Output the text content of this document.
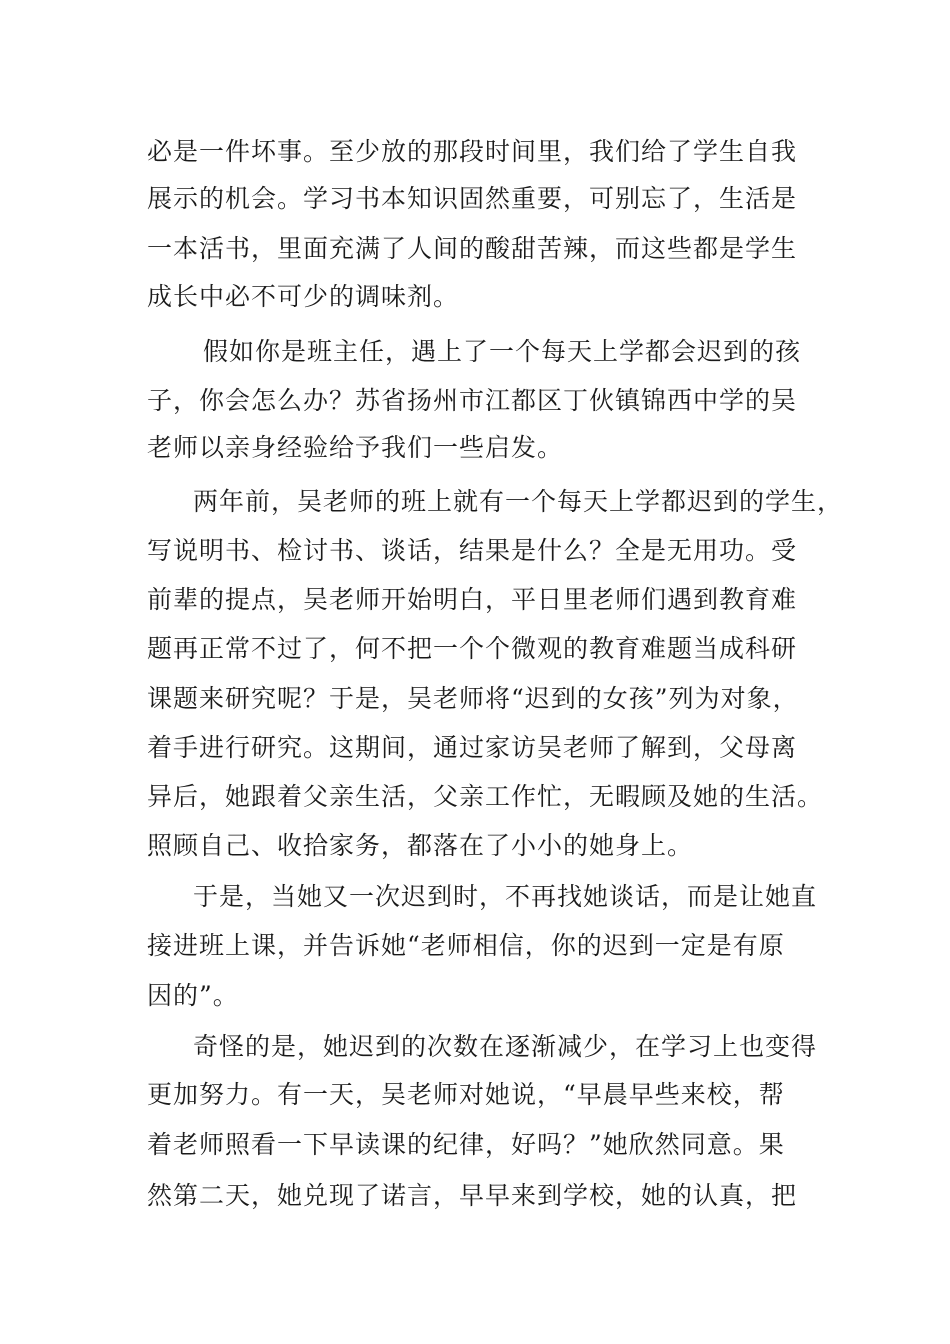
必是一件坏事。至少放的那段时间里，我们给了学生自我
展示的机会。学习书本知识固然重要，可别忘了，生活是
一本活书，里面充满了人间的酸甜苦辣，而这些都是学生
成长中必不可少的调味剂。
假如你是班主任，遇上了一个每天上学都会迟到的孩
子，你会怎么办？苏省扬州市江都区丁伙镇锦西中学的吴
老师以亲身经验给予我们一些启发。
两年前，吴老师的班上就有一个每天上学都迟到的学生，
写说明书、检讨书、谈话，结果是什么？全是无用功。受
前辈的提点，吴老师开始明白，平日里老师们遇到教育难
题再正常不过了，何不把一个个微观的教育难题当成科研
课题来研究呢？于是，吴老师将“迟到的女孩”列为对象，
着手进行研究。这期间，通过家访吴老师了解到，父母离
异后，她跟着父亲生活，父亲工作忙，无暇顾及她的生活。
照顾自己、收拾家务，都落在了小小的她身上。
于是，当她又一次迟到时，不再找她谈话，而是让她直
接进班上课，并告诉她“老师相信，你的迟到一定是有原
因的”。
奇怪的是，她迟到的次数在逐渐减少，在学习上也变得
更加努力。有一天，吴老师对她说，“早晨早些来校，帮
着老师照看一下早读课的纪律，好吗？”她欣然同意。果
然第二天，她兑现了诺言，早早来到学校，她的认真，把
